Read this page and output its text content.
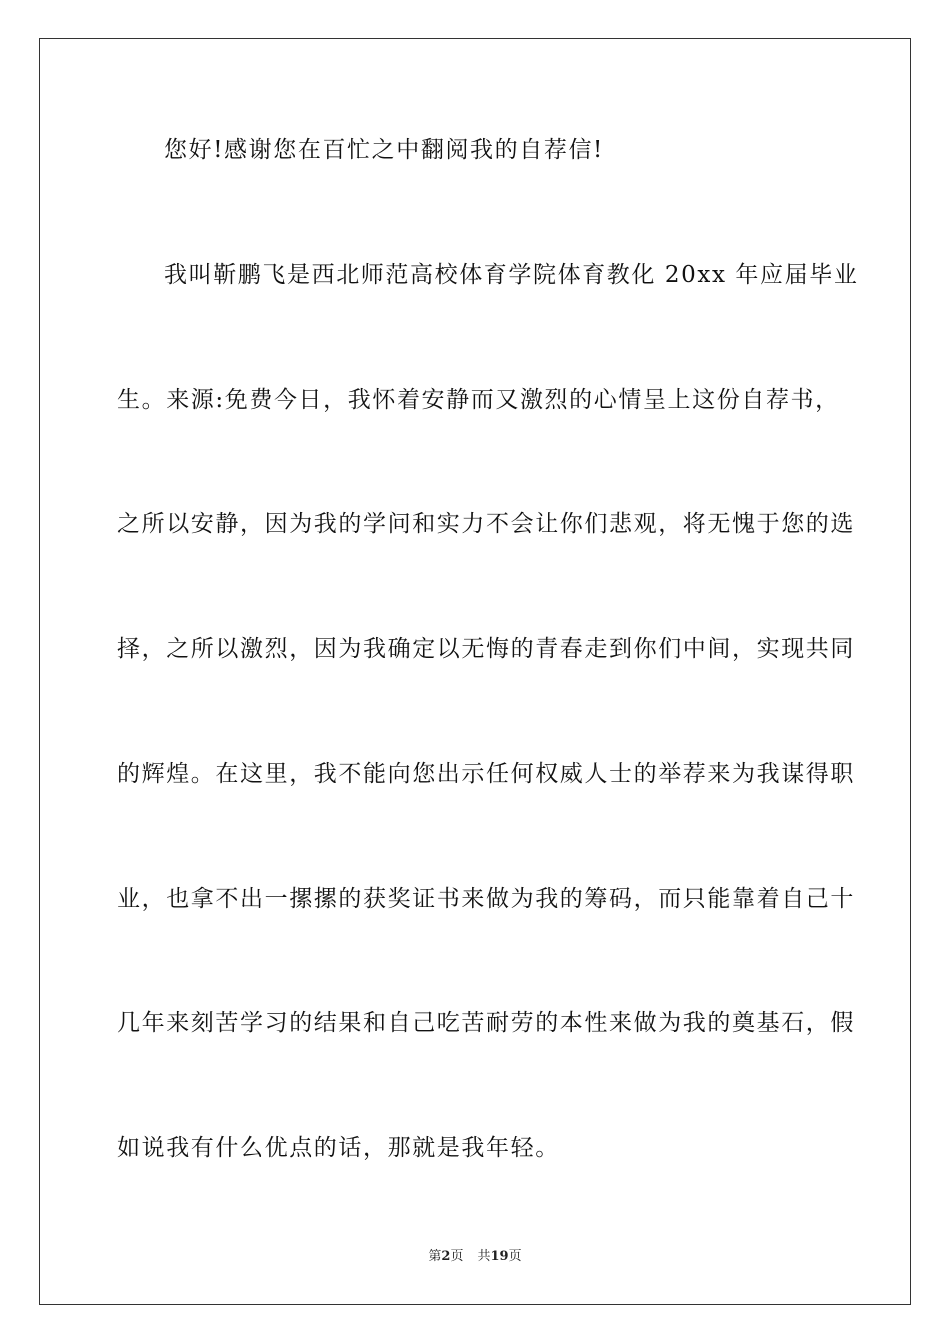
您好!感谢您在百忙之中翻阅我的自荐信!
我叫靳鹏飞是西北师范高校体育学院体育教化 20xx 年应届毕业
生。来源:免费今日，我怀着安静而又激烈的心情呈上这份自荐书，
之所以安静，因为我的学问和实力不会让你们悲观，将无愧于您的选
择，之所以激烈，因为我确定以无悔的青春走到你们中间，实现共同
的辉煌。在这里，我不能向您出示任何权威人士的举荐来为我谋得职
业，也拿不出一摞摞的获奖证书来做为我的筹码，而只能靠着自己十
几年来刻苦学习的结果和自己吃苦耐劳的本性来做为我的奠基石，假
如说我有什么优点的话，那就是我年轻。
第2页 共19页
